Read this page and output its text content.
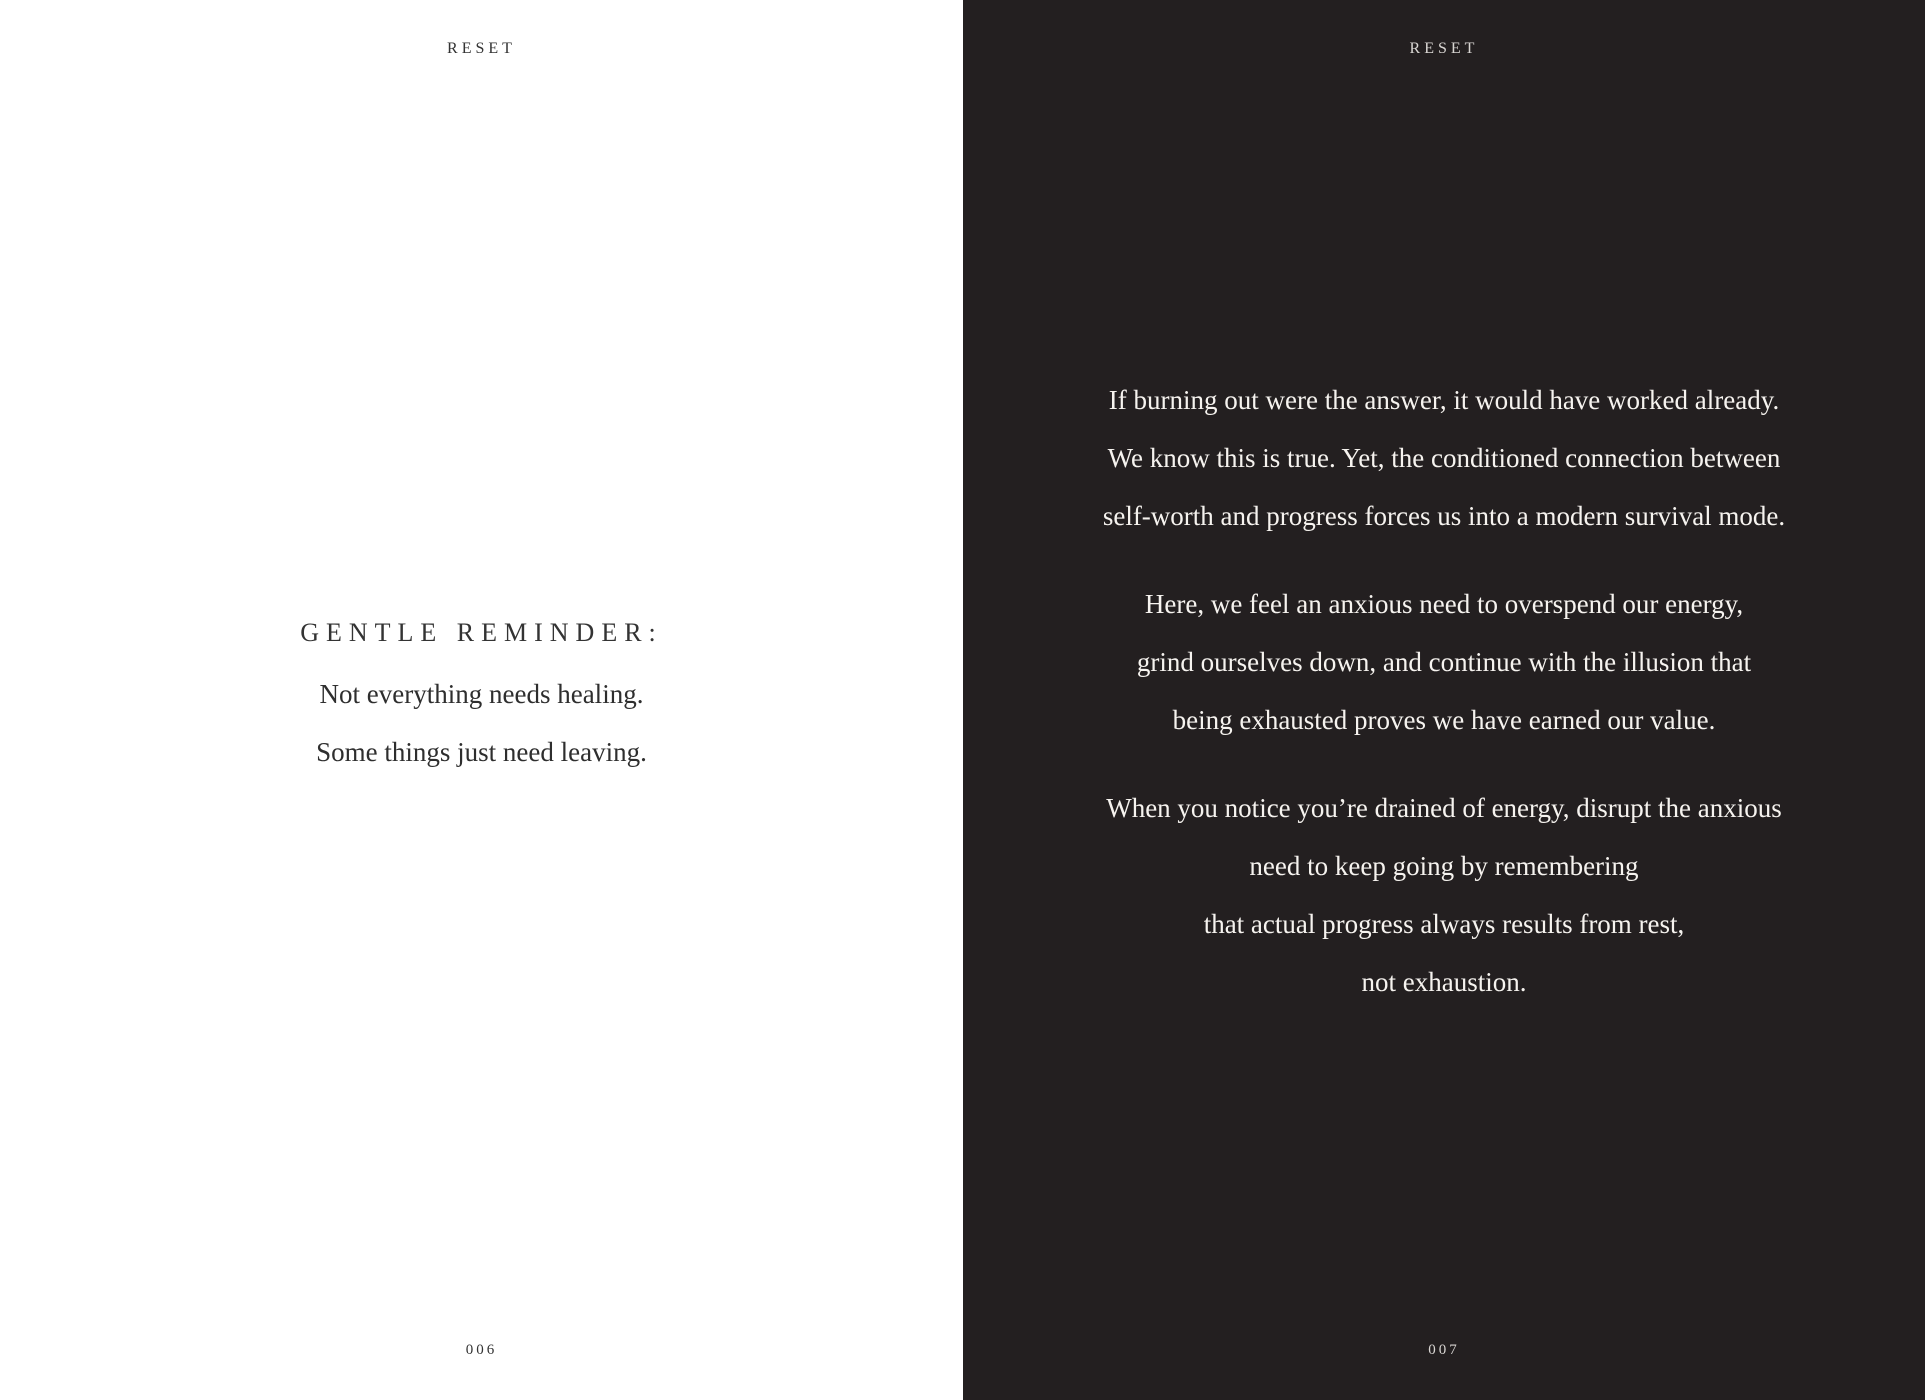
RESET

GENTLE REMINDER:

Not everything needs healing.

Some things just need leaving.

006
RESET

If burning out were the answer, it would have worked already.
We know this is true. Yet, the conditioned connection between
self-worth and progress forces us into a modern survival mode.

Here, we feel an anxious need to overspend our energy,
grind ourselves down, and continue with the illusion that
being exhausted proves we have earned our value.

When you notice you’re drained of energy, disrupt the anxious
need to keep going by remembering
that actual progress always results from rest,
not exhaustion.

007
